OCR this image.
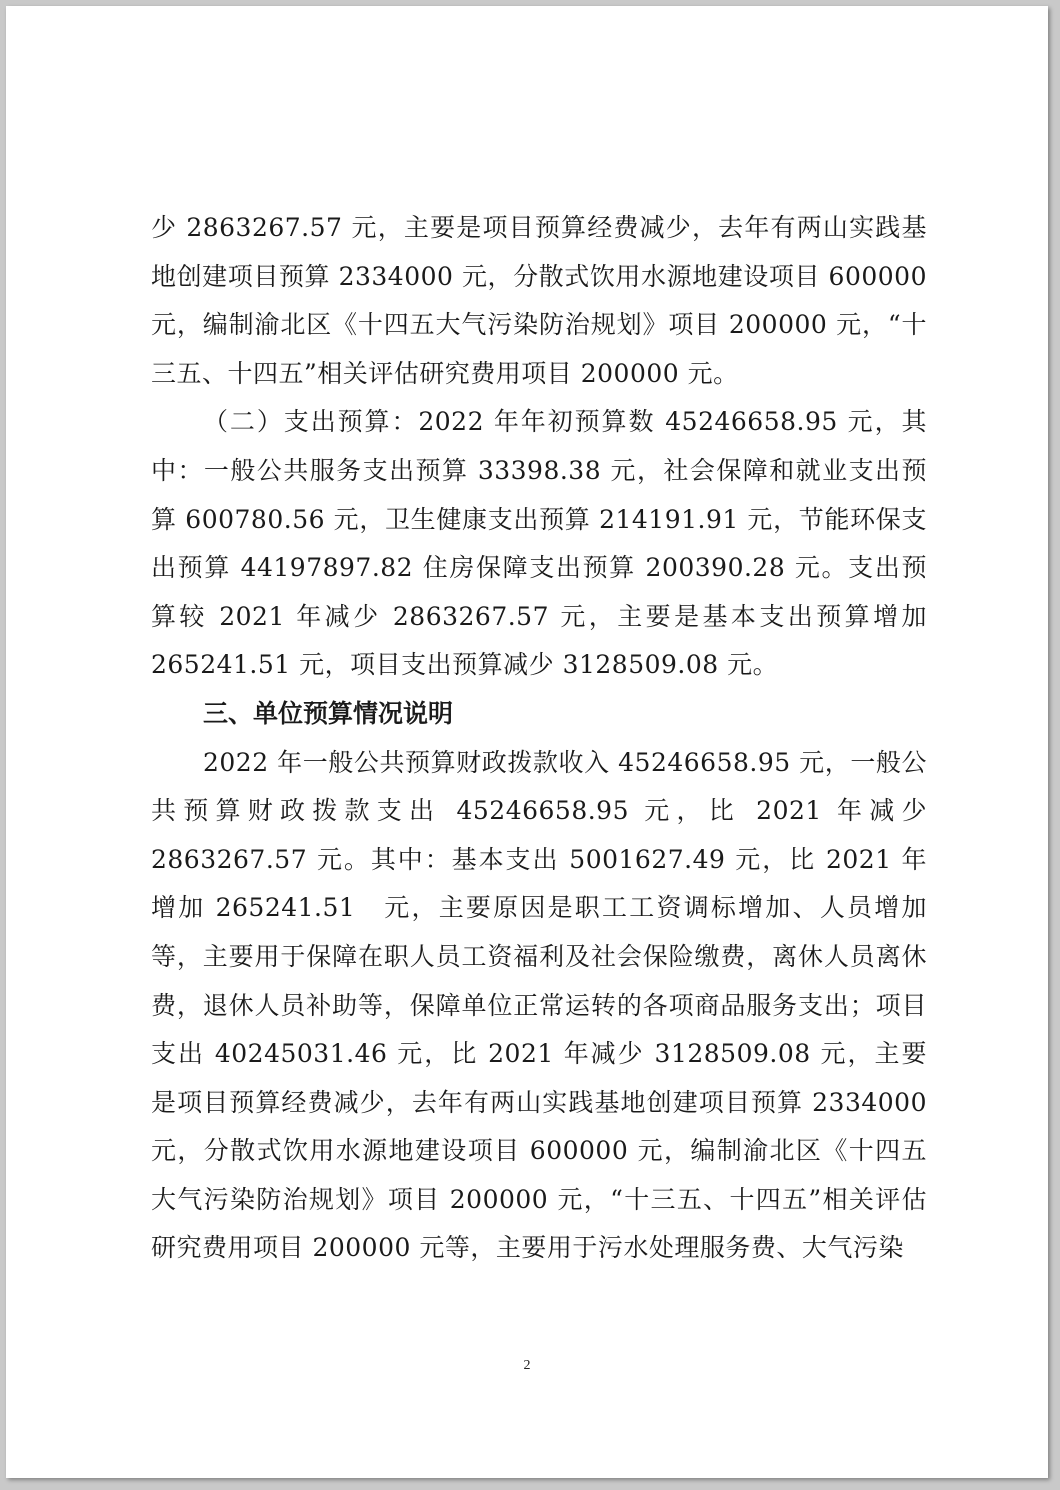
少 2863267.57 元，主要是项目预算经费减少，去年有两山实践基地创建项目预算 2334000 元，分散式饮用水源地建设项目 600000 元，编制渝北区《十四五大气污染防治规划》项目 200000 元，“十三五、十四五”相关评估研究费用项目 200000 元。

（二）支出预算：2022 年年初预算数 45246658.95 元，其中：一般公共服务支出预算 33398.38 元，社会保障和就业支出预算 600780.56 元，卫生健康支出预算 214191.91 元，节能环保支出预算 44197897.82 住房保障支出预算 200390.28 元。支出预算较 2021 年减少 2863267.57 元，主要是基本支出预算增加 265241.51 元，项目支出预算减少 3128509.08 元。

三、单位预算情况说明

2022 年一般公共预算财政拨款收入 45246658.95 元，一般公共预算财政拨款支出 45246658.95 元，比 2021 年减少 2863267.57 元。其中：基本支出 5001627.49 元，比 2021 年增加 265241.51　元，主要原因是职工工资调标增加、人员增加等，主要用于保障在职人员工资福利及社会保险缴费，离休人员离休费，退休人员补助等，保障单位正常运转的各项商品服务支出；项目支出 40245031.46 元，比 2021 年减少 3128509.08 元，主要是项目预算经费减少，去年有两山实践基地创建项目预算 2334000 元，分散式饮用水源地建设项目 600000 元，编制渝北区《十四五大气污染防治规划》项目 200000 元，“十三五、十四五”相关评估研究费用项目 200000 元等，主要用于污水处理服务费、大气污染

2
